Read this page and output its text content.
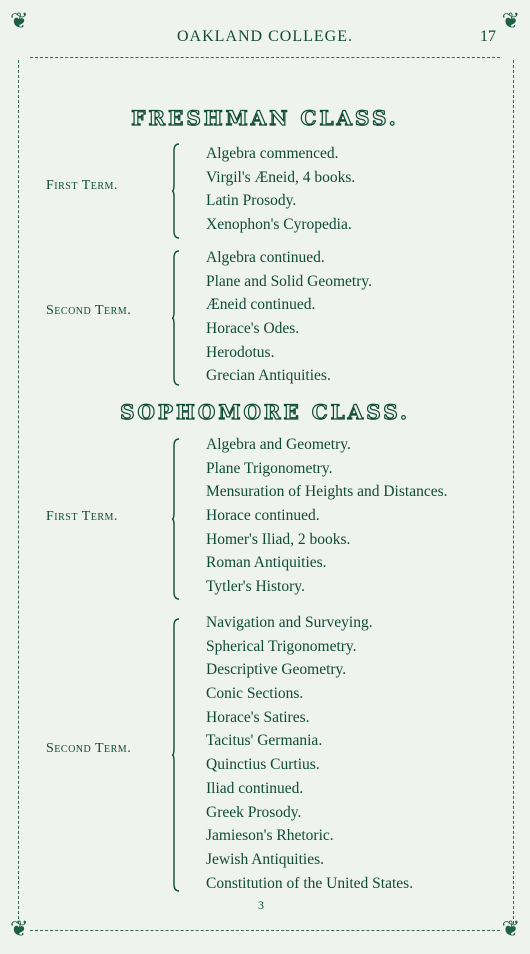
❦	❦
❦	❦
OAKLAND COLLEGE.	17
FRESHMAN CLASS.
First Term.
Algebra commenced.
Virgil's Æneid, 4 books.
Latin Prosody.
Xenophon's Cyropedia.
Second Term.
Algebra continued.
Plane and Solid Geometry.
Æneid continued.
Horace's Odes.
Herodotus.
Grecian Antiquities.
SOPHOMORE CLASS.
First Term.
Algebra and Geometry.
Plane Trigonometry.
Mensuration of Heights and Distances.
Horace continued.
Homer's Iliad, 2 books.
Roman Antiquities.
Tytler's History.
Second Term.
Navigation and Surveying.
Spherical Trigonometry.
Descriptive Geometry.
Conic Sections.
Horace's Satires.
Tacitus' Germania.
Quinctius Curtius.
Iliad continued.
Greek Prosody.
Jamieson's Rhetoric.
Jewish Antiquities.
Constitution of the United States.
3
